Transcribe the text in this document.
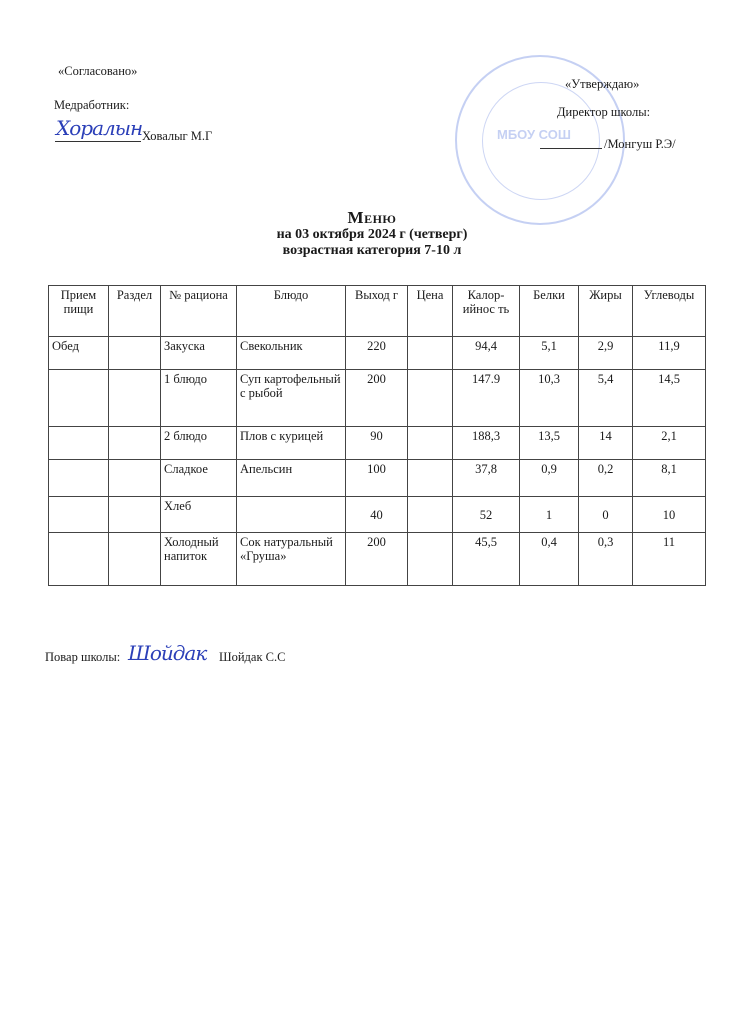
«Согласовано»
Медработник:
Хоралын Ховалыг М.Г	МБОУ СОШ
«Утверждаю»
Директор школы:
/Монгуш Р.Э/
Меню
на 03 октября 2024 г (четверг)
возрастная категория 7-10 л
Прием пищи	Раздел	№ рациона	Блюдо	Выход г	Цена	Калор-ийнос ть	Белки	Жиры	Углеводы
Обед		Закуска	Свекольник	220		94,4	5,1	2,9	11,9
		1 блюдо	Суп картофельный с рыбой	200		147.9	10,3	5,4	14,5
		2 блюдо	Плов с курицей	90		188,3	13,5	14	2,1
		Сладкое	Апельсин	100		37,8	0,9	0,2	8,1
		Хлеб		40		52	1	0	10
		Холодный напиток	Сок натуральный «Груша»	200		45,5	0,4	0,3	11
Повар школы: Шойдак Шойдак С.С
